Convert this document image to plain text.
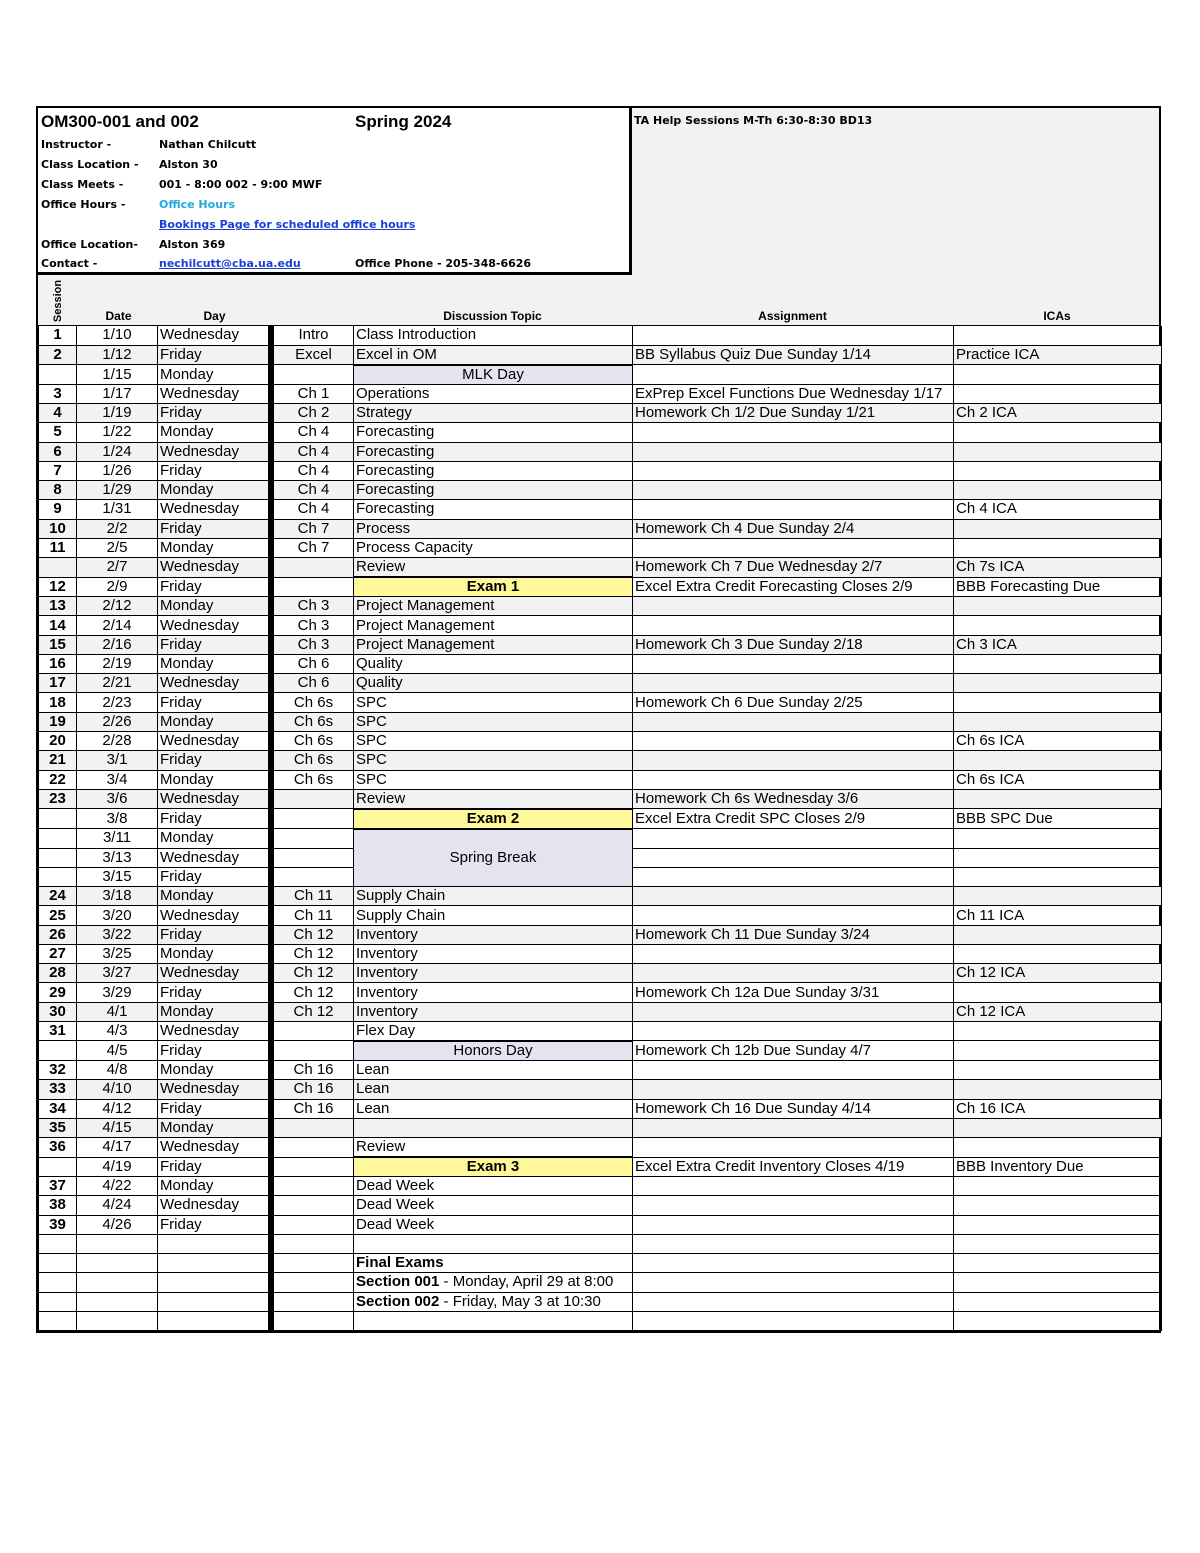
OM300-001 and 002	Spring 2024
Instructor -	Nathan Chilcutt
Class Location - Alston 30
Class Meets -	001 - 8:00 002 - 9:00 MWF
Office Hours -	Office Hours
Bookings Page for scheduled office hours
Office Location- Alston 369
Contact -	nechilcutt@cba.ua.edu	Office Phone - 205-348-6626
TA Help Sessions M-Th 6:30-8:30 BD13
Session	Date	Day	Discussion Topic	Assignment	ICAs
1	1/10	Wednesday		Intro	Class Introduction		
2	1/12	Friday		Excel	Excel in OM	BB Syllabus Quiz Due Sunday 1/14	Practice ICA
	1/15	Monday			MLK Day		
3	1/17	Wednesday		Ch 1	Operations	ExPrep Excel Functions Due Wednesday 1/17	
4	1/19	Friday		Ch 2	Strategy	Homework Ch 1/2 Due Sunday 1/21	Ch 2 ICA
5	1/22	Monday		Ch 4	Forecasting		
6	1/24	Wednesday		Ch 4	Forecasting		
7	1/26	Friday		Ch 4	Forecasting		
8	1/29	Monday		Ch 4	Forecasting		
9	1/31	Wednesday		Ch 4	Forecasting		Ch 4 ICA
10	2/2	Friday		Ch 7	Process	Homework Ch 4 Due Sunday 2/4	
11	2/5	Monday		Ch 7	Process Capacity		
	2/7	Wednesday			Review	Homework Ch 7 Due Wednesday 2/7	Ch 7s ICA
12	2/9	Friday			Exam 1	Excel Extra Credit Forecasting Closes 2/9	BBB Forecasting Due
13	2/12	Monday		Ch 3	Project Management		
14	2/14	Wednesday		Ch 3	Project Management		
15	2/16	Friday		Ch 3	Project Management	Homework Ch 3 Due Sunday 2/18	Ch 3 ICA
16	2/19	Monday		Ch 6	Quality		
17	2/21	Wednesday		Ch 6	Quality		
18	2/23	Friday		Ch 6s	SPC	Homework Ch 6 Due Sunday 2/25	
19	2/26	Monday		Ch 6s	SPC		
20	2/28	Wednesday		Ch 6s	SPC		Ch 6s ICA
21	3/1	Friday		Ch 6s	SPC		
22	3/4	Monday		Ch 6s	SPC		Ch 6s ICA
23	3/6	Wednesday			Review	Homework Ch 6s Wednesday 3/6	
	3/8	Friday			Exam 2	Excel Extra Credit SPC Closes 2/9	BBB SPC Due
	3/11	Monday			Spring Break		
	3/13	Wednesday					
	3/15	Friday					
24	3/18	Monday		Ch 11	Supply Chain		
25	3/20	Wednesday		Ch 11	Supply Chain		Ch 11 ICA
26	3/22	Friday		Ch 12	Inventory	Homework Ch 11 Due Sunday 3/24	
27	3/25	Monday		Ch 12	Inventory		
28	3/27	Wednesday		Ch 12	Inventory		Ch 12 ICA
29	3/29	Friday		Ch 12	Inventory	Homework Ch 12a Due Sunday 3/31	
30	4/1	Monday		Ch 12	Inventory		Ch 12 ICA
31	4/3	Wednesday			Flex Day		
	4/5	Friday			Honors Day	Homework Ch 12b Due Sunday 4/7	
32	4/8	Monday		Ch 16	Lean		
33	4/10	Wednesday		Ch 16	Lean		
34	4/12	Friday		Ch 16	Lean	Homework Ch 16 Due Sunday 4/14	Ch 16 ICA
35	4/15	Monday					
36	4/17	Wednesday			Review		
	4/19	Friday			Exam 3	Excel Extra Credit Inventory Closes 4/19	BBB Inventory Due
37	4/22	Monday			Dead Week		
38	4/24	Wednesday			Dead Week		
39	4/26	Friday			Dead Week		

					Final Exams		
					Section 001 - Monday, April 29 at 8:00		
					Section 002 - Friday, May 3 at 10:30		
